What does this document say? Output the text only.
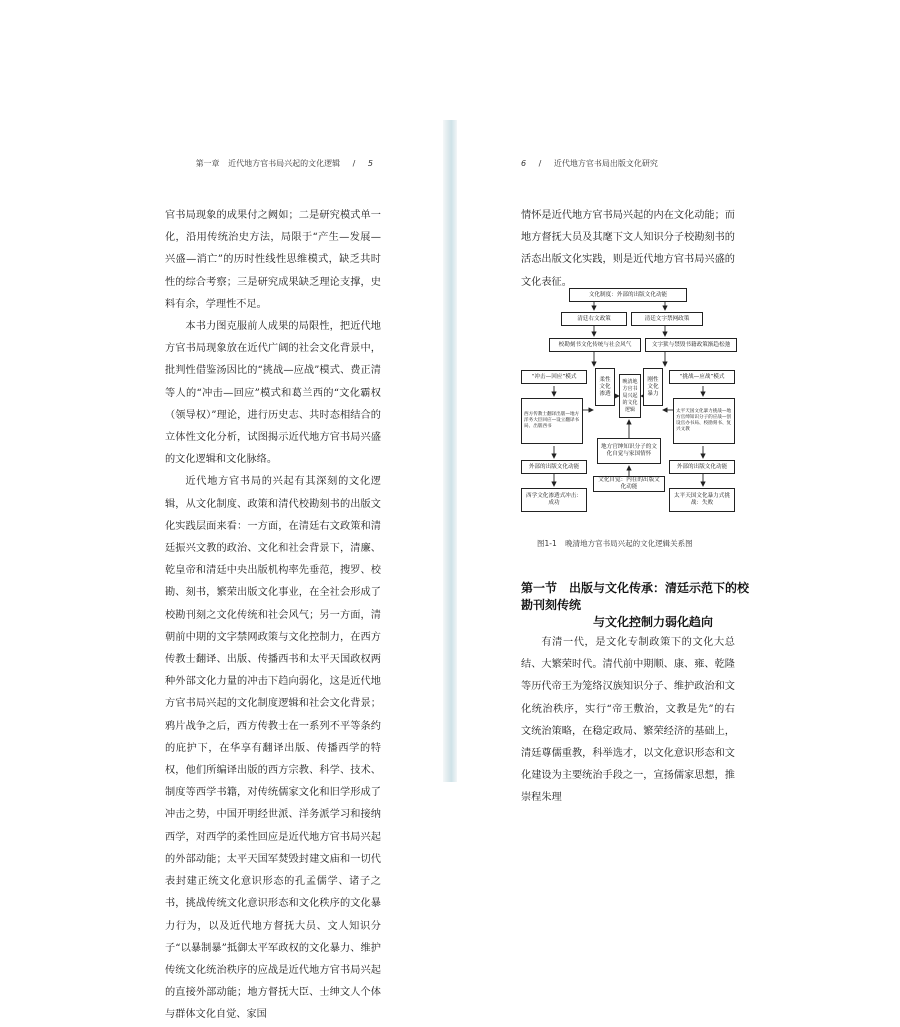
第一章 近代地方官书局兴起的文化逻辑 / 5

官书局现象的成果付之阙如；二是研究模式单一化，沿用传统治史方法，局限于“产生—发展—兴盛—消亡”的历时性线性思维模式，缺乏共时性的综合考察；三是研究成果缺乏理论支撑，史料有余，学理性不足。

本书力图克服前人成果的局限性，把近代地方官书局现象放在近代广阔的社会文化背景中，批判性借鉴汤因比的“挑战—应战”模式、费正清等人的“冲击—回应”模式和葛兰西的“文化霸权（领导权）”理论，进行历史志、共时态相结合的立体性文化分析，试图揭示近代地方官书局兴盛的文化逻辑和文化脉络。

近代地方官书局的兴起有其深刻的文化逻辑，从文化制度、政策和清代校勘刻书的出版文化实践层面来看：一方面，在清廷右文政策和清廷振兴文教的政治、文化和社会背景下，清廉、乾皇帝和清廷中央出版机构率先垂范，搜罗、校勘、刻书，繁荣出版文化事业，在全社会形成了校勘刊刻之文化传统和社会风气；另一方面，清朝前中期的文字禁网政策与文化控制力，在西方传教士翻译、出版、传播西书和太平天国政权两种外部文化力量的冲击下趋向弱化，这是近代地方官书局兴起的文化制度逻辑和社会文化背景；鸦片战争之后，西方传教士在一系列不平等条约的庇护下，在华享有翻译出版、传播西学的特权，他们所编译出版的西方宗教、科学、技术、制度等西学书籍，对传统儒家文化和旧学形成了冲击之势，中国开明经世派、洋务派学习和接纳西学，对西学的柔性回应是近代地方官书局兴起的外部动能；太平天国军焚毁封建文庙和一切代表封建正统文化意识形态的孔孟儒学、诸子之书，挑战传统文化意识形态和文化秩序的文化暴力行为，以及近代地方督抚大员、文人知识分子“以暴制暴”抵御太平军政权的文化暴力、维护传统文化统治秩序的应战是近代地方官书局兴起的直接外部动能；地方督抚大臣、士绅文人个体与群体文化自觉、家国

6 / 近代地方官书局出版文化研究

情怀是近代地方官书局兴起的内在文化动能；而地方督抚大员及其麾下文人知识分子校勘刻书的活态出版文化实践，则是近代地方官书局兴盛的文化表征。

文化制度：外部的出版文化动能
清廷右文政策	清廷文字禁网政策
校勘刻书文化传统与社会风气	文字狱与禁毁书籍政策渐趋松弛
“冲击—回应”模式	“挑战—应战”模式
柔性文化渗透
刚性文化暴力
晚清地方官书局兴起的文化逻辑
西方传教士翻译出版—地方洋务大臣回应—设立翻译书局、出版西书
太平天国文化暴力挑战—地方官绅知识分子的应战—创设官办书局、校勘刻书、复兴文教
地方官绅知识分子的文化自觉与家国情怀
外部的出版文化动能	外部的出版文化动能
文化自觉：内在的出版文化动能
西学文化渗透式冲击：成功
太平天国文化暴力式挑战：失败
图1-1 晚清地方官书局兴起的文化逻辑关系图
第一节 出版与文化传承：清廷示范下的校勘刊刻传统
与文化控制力弱化趋向

有清一代，是文化专制政策下的文化大总结、大繁荣时代。清代前中期顺、康、雍、乾隆等历代帝王为笼络汉族知识分子、维护政治和文化统治秩序，实行“帝王敷治，文教是先”的右文统治策略，在稳定政局、繁荣经济的基础上，清廷尊儒重教，科举选才，以文化意识形态和文化建设为主要统治手段之一，宣扬儒家思想，推崇程朱理
